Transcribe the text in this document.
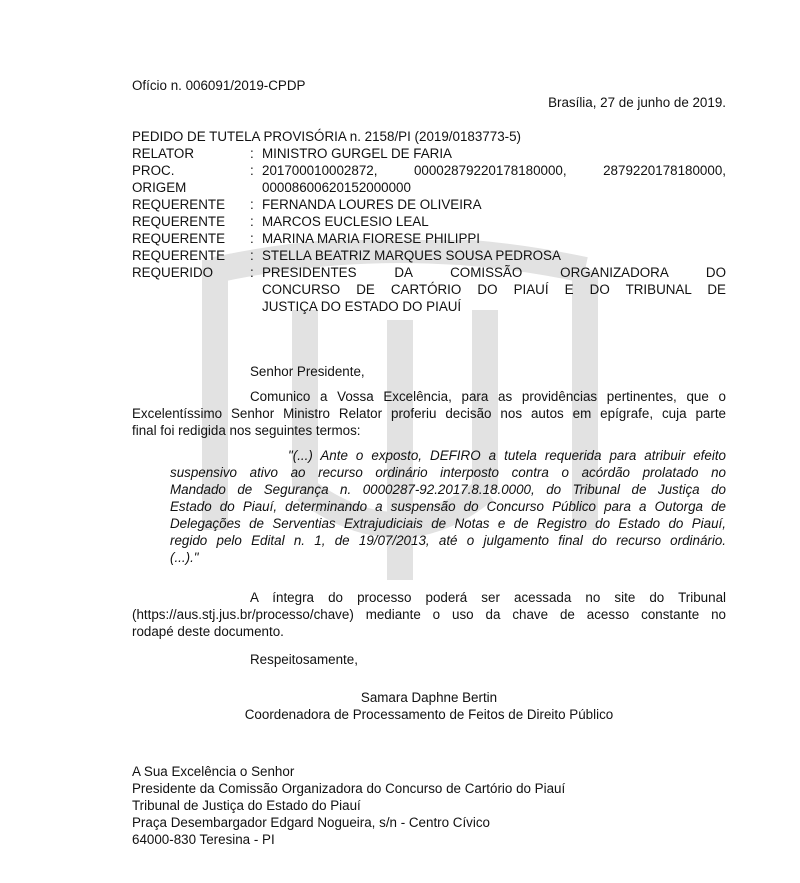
Ofício n. 006091/2019-CPDP
Brasília, 27 de junho de 2019.
PEDIDO DE TUTELA PROVISÓRIA n. 2158/PI (2019/0183773-5)
RELATOR	: MINISTRO GURGEL DE FARIA
PROC.	: 201700010002872, 00002879220178180000, 2879220178180000,
ORIGEM	00008600620152000000
REQUERENTE	: FERNANDA LOURES DE OLIVEIRA
REQUERENTE	: MARCOS EUCLESIO LEAL
REQUERENTE	: MARINA MARIA FIORESE PHILIPPI
REQUERENTE	: STELLA BEATRIZ MARQUES SOUSA PEDROSA
REQUERIDO	: PRESIDENTES DA COMISSÃO ORGANIZADORA DO
CONCURSO DE CARTÓRIO DO PIAUÍ E DO TRIBUNAL DE
JUSTIÇA DO ESTADO DO PIAUÍ
Senhor Presidente,
Comunico a Vossa Excelência, para as providências pertinentes, que o
Excelentíssimo Senhor Ministro Relator proferiu decisão nos autos em epígrafe, cuja parte
final foi redigida nos seguintes termos:
"(...) Ante o exposto, DEFIRO a tutela requerida para atribuir efeito
suspensivo ativo ao recurso ordinário interposto contra o acórdão prolatado no
Mandado de Segurança n. 0000287-92.2017.8.18.0000, do Tribunal de Justiça do
Estado do Piauí, determinando a suspensão do Concurso Público para a Outorga de
Delegações de Serventias Extrajudiciais de Notas e de Registro do Estado do Piauí,
regido pelo Edital n. 1, de 19/07/2013, até o julgamento final do recurso ordinário.
(...)."
A íntegra do processo poderá ser acessada no site do Tribunal
(https://aus.stj.jus.br/processo/chave) mediante o uso da chave de acesso constante no
rodapé deste documento.
Respeitosamente,
Samara Daphne Bertin
Coordenadora de Processamento de Feitos de Direito Público
A Sua Excelência o Senhor
Presidente da Comissão Organizadora do Concurso de Cartório do Piauí
Tribunal de Justiça do Estado do Piauí
Praça Desembargador Edgard Nogueira, s/n - Centro Cívico
64000-830 Teresina - PI
